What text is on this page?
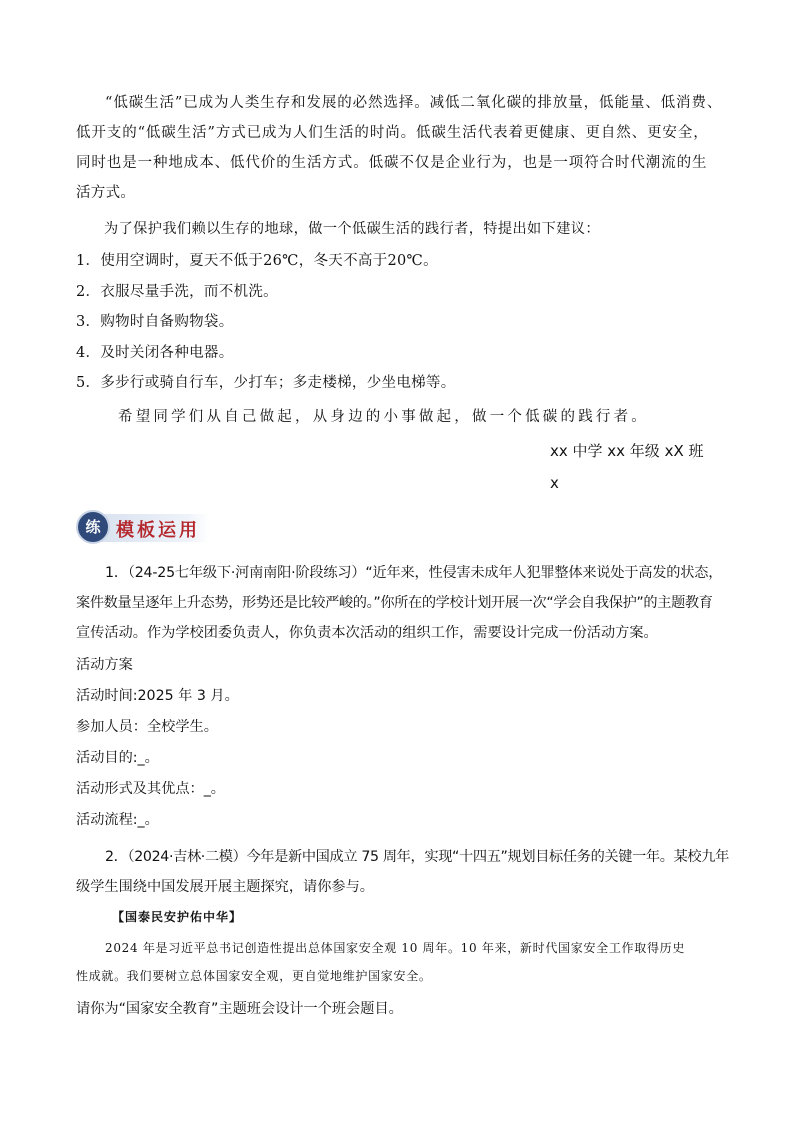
“低碳生活”已成为人类生存和发展的必然选择。减低二氧化碳的排放量，低能量、低消费、
低开支的“低碳生活”方式已成为人们生活的时尚。低碳生活代表着更健康、更自然、更安全，
同时也是一种地成本、低代价的生活方式。低碳不仅是企业行为，也是一项符合时代潮流的生
活方式。
为了保护我们赖以生存的地球，做一个低碳生活的践行者，特提出如下建议：
1．使用空调时，夏天不低于26℃，冬天不高于20℃。
2．衣服尽量手洗，而不机洗。
3．购物时自备购物袋。
4．及时关闭各种电器。
5．多步行或骑自行车，少打车；多走楼梯，少坐电梯等。
希望同学们从自己做起，从身边的小事做起，做一个低碳的践行者。
xx 中学 xx 年级 xX 班
x
练 模板运用
1．（24-25七年级下·河南南阳·阶段练习）“近年来，性侵害未成年人犯罪整体来说处于高发的状态，
案件数量呈逐年上升态势，形势还是比较严峻的。”你所在的学校计划开展一次“学会自我保护”的主题教育
宣传活动。作为学校团委负责人，你负责本次活动的组织工作，需要设计完成一份活动方案。
活动方案
活动时间:2025 年 3 月。
参加人员：全校学生。
活动目的:_。
活动形式及其优点：_。
活动流程:_。
2．（2024·吉林·二模）今年是新中国成立 75 周年，实现“十四五”规划目标任务的关键一年。某校九年
级学生围绕中国发展开展主题探究，请你参与。
【国泰民安护佑中华】
2024 年是习近平总书记创造性提出总体国家安全观 10 周年。10 年来，新时代国家安全工作取得历史
性成就。我们要树立总体国家安全观，更自觉地维护国家安全。
请你为“国家安全教育”主题班会设计一个班会题目。
